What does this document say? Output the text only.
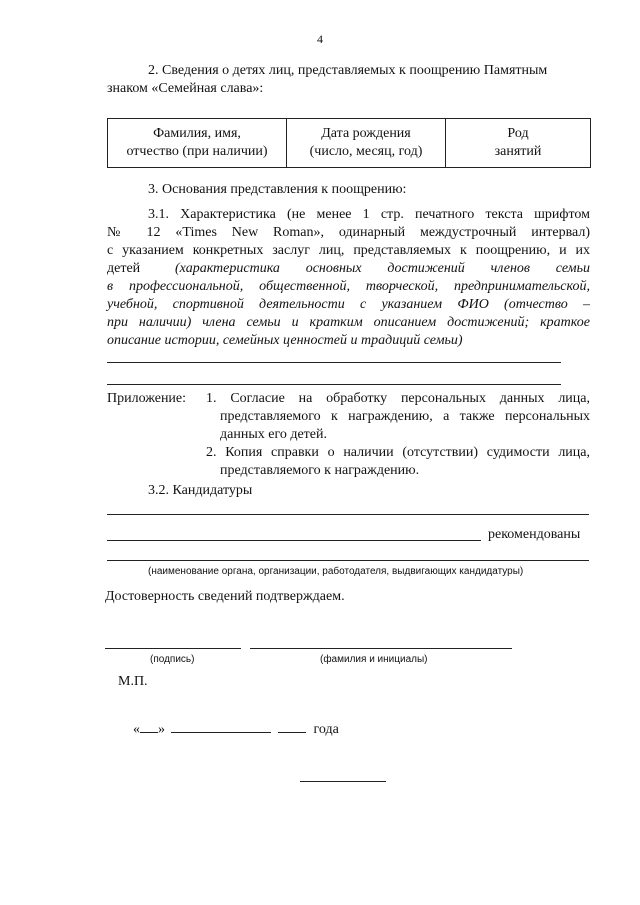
4
2. Сведения о детях лиц, представляемых к поощрению Памятным
знаком «Семейная слава»:
Фамилия, имя,
отчество (при наличии)

Дата рождения
(число, месяц, год)

Род
занятий
3. Основания представления к поощрению:
3.1. Характеристика (не менее 1 стр. печатного текста шрифтом
№ 12 «Times New Roman», одинарный междустрочный интервал)
с указанием конкретных заслуг лиц, представляемых к поощрению, и их
детей (характеристика основных достижений членов семьи
в профессиональной, общественной, творческой, предпринимательской,
учебной, спортивной деятельности с указанием ФИО (отчество –
при наличии) члена семьи и кратким описанием достижений; краткое
описание истории, семейных ценностей и традиций семьи)
Приложение: 1. Согласие на обработку персональных данных лица,
представляемого к награждению, а также персональных
данных его детей.
2. Копия справки о наличии (отсутствии) судимости лица,
представляемого к награждению.
3.2. Кандидатуры
рекомендованы
(наименование органа, организации, работодателя, выдвигающих кандидатуры)
Достоверность сведений подтверждаем.
(подпись)	(фамилия и инициалы)
М.П.
« »	года
